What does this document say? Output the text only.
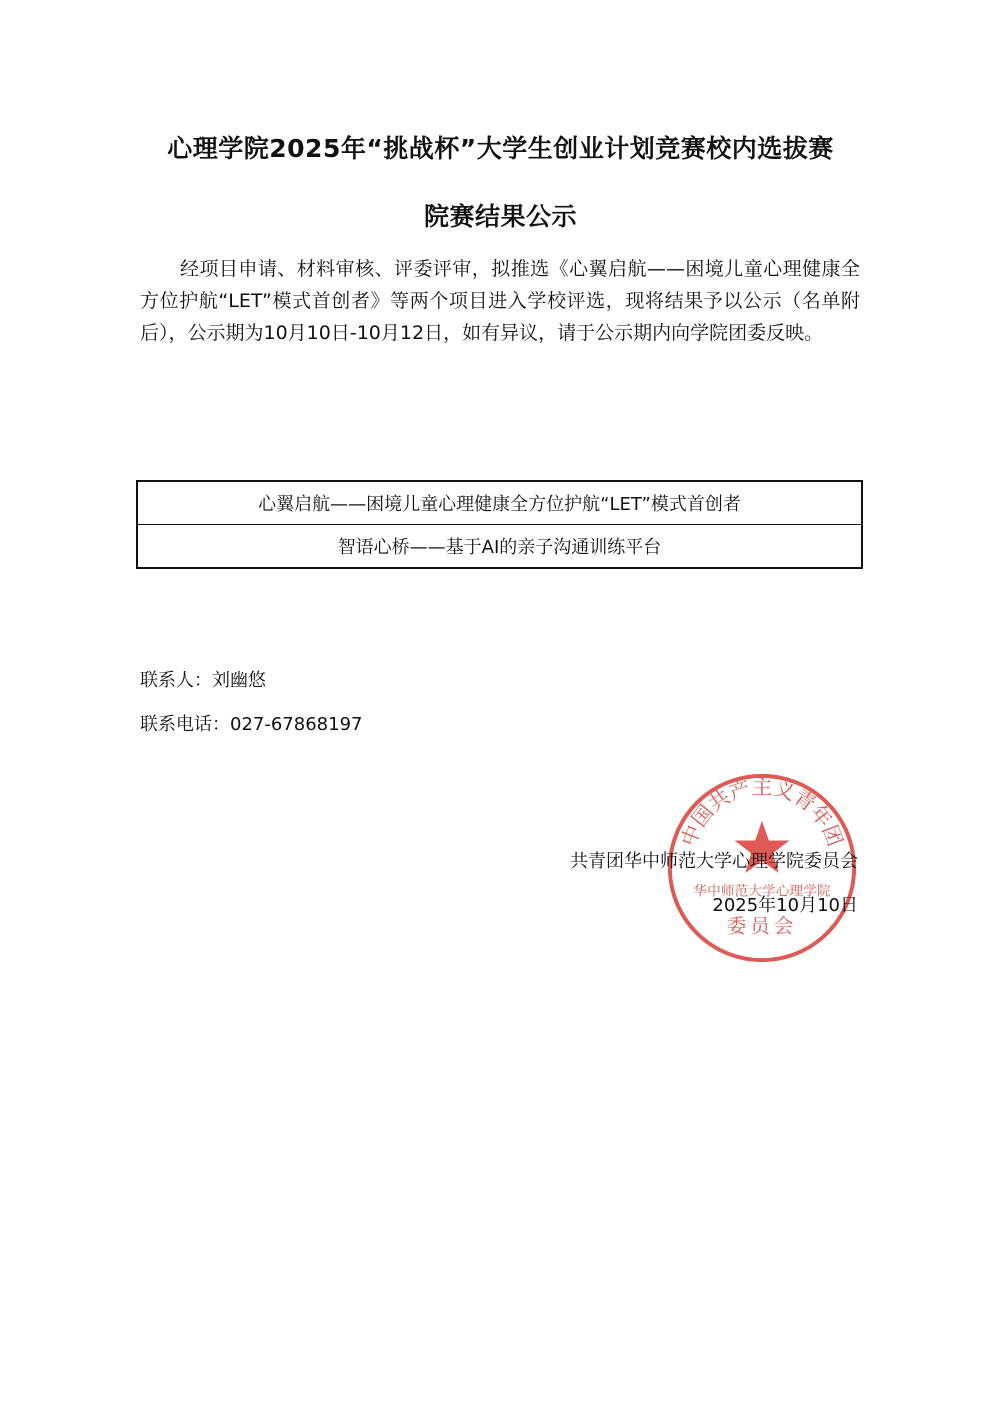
心理学院2025年“挑战杯”大学生创业计划竞赛校内选拔赛
院赛结果公示
经项目申请、材料审核、评委评审，拟推选《心翼启航——困境儿童心理健康全方位护航“LET”模式首创者》等两个项目进入学校评选，现将结果予以公示（名单附后），公示期为10月10日-10月12日，如有异议，请于公示期内向学院团委反映。
心翼启航——困境儿童心理健康全方位护航“LET”模式首创者
智语心桥——基于AI的亲子沟通训练平台
联系人：刘幽悠
联系电话：027-67868197
中国共产主义青年团
华中师范大学心理学院
委员会
共青团华中师范大学心理学院委员会
2025年10月10日
